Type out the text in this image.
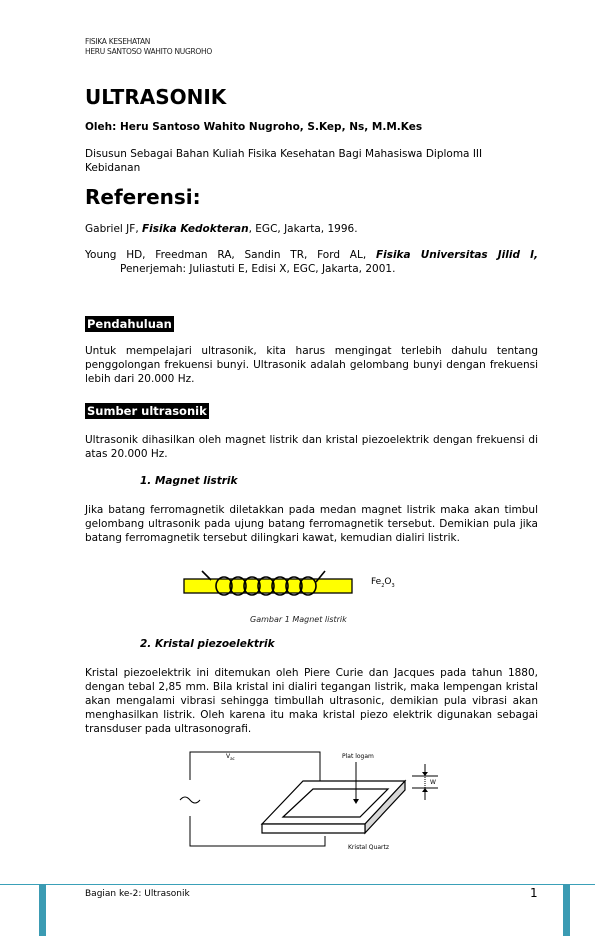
FISIKA KESEHATAN
HERU SANTOSO WAHITO NUGROHO
ULTRASONIK
Oleh: Heru Santoso Wahito Nugroho, S.Kep, Ns, M.M.Kes
Disusun Sebagai Bahan Kuliah Fisika Kesehatan Bagi Mahasiswa Diploma III Kebidanan
Referensi:
Gabriel JF, Fisika Kedokteran, EGC, Jakarta, 1996.
Young HD, Freedman RA, Sandin TR, Ford AL, Fisika Universitas Jilid I,
Penerjemah: Juliastuti E, Edisi X, EGC, Jakarta, 2001.
Pendahuluan
Untuk mempelajari ultrasonik, kita harus mengingat terlebih dahulu tentang penggolongan frekuensi bunyi. Ultrasonik adalah gelombang bunyi dengan frekuensi lebih dari 20.000 Hz.
Sumber ultrasonik
Ultrasonik dihasilkan oleh magnet listrik dan kristal piezoelektrik dengan frekuensi di atas 20.000 Hz.
1. Magnet listrik
Jika batang ferromagnetik diletakkan pada medan magnet listrik maka akan timbul gelombang ultrasonik pada ujung batang ferromagnetik tersebut. Demikian pula jika batang ferromagnetik tersebut dilingkari kawat, kemudian dialiri listrik.
$Fe_2O_3$
Gambar 1 Magnet listrik
2. Kristal piezoelektrik
Kristal piezoelektrik ini ditemukan oleh Piere Curie dan Jacques pada tahun 1880, dengan tebal 2,85 mm. Bila kristal ini dialiri tegangan listrik, maka lempengan kristal akan mengalami vibrasi sehingga timbullah ultrasonic, demikian pula vibrasi akan menghasilkan listrik. Oleh karena itu maka kristal piezo elektrik digunakan sebagai transduser pada ultrasonografi.
$V_{ac}$	Plat logam
W
Kristal Quartz
Bagian ke-2: Ultrasonik	1
